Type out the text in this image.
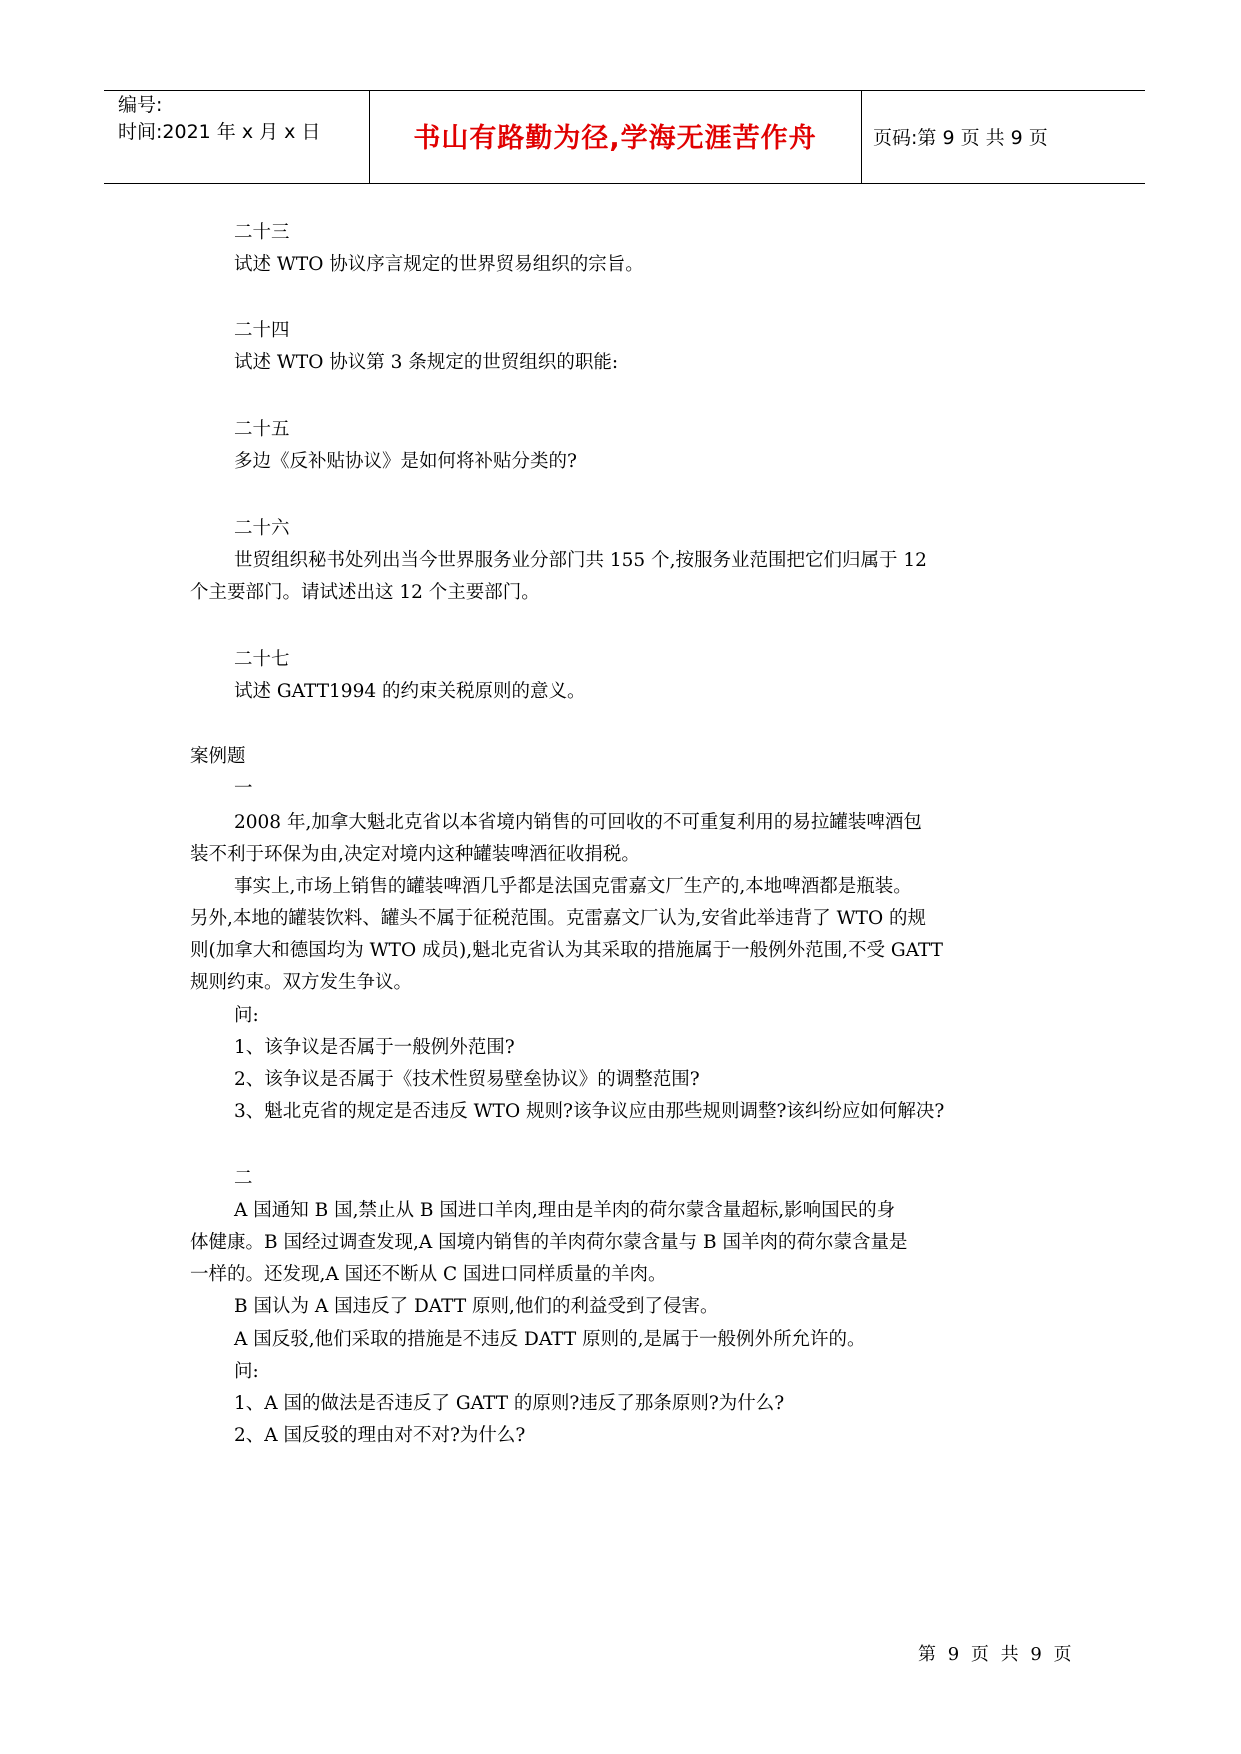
编号:
时间:2021 年 x 月 x 日	书山有路勤为径,学海无涯苦作舟	页码:第 9 页 共 9 页
二十三
试述 WTO 协议序言规定的世界贸易组织的宗旨。
二十四
试述 WTO 协议第 3 条规定的世贸组织的职能:
二十五
多边《反补贴协议》是如何将补贴分类的?
二十六
世贸组织秘书处列出当今世界服务业分部门共 155 个,按服务业范围把它们归属于 12
个主要部门。请试述出这 12 个主要部门。
二十七
试述 GATT1994 的约束关税原则的意义。
案例题
一
2008 年,加拿大魁北克省以本省境内销售的可回收的不可重复利用的易拉罐装啤酒包
装不利于环保为由,决定对境内这种罐装啤酒征收捐税。
事实上,市场上销售的罐装啤酒几乎都是法国克雷嘉文厂生产的,本地啤酒都是瓶装。
另外,本地的罐装饮料、罐头不属于征税范围。克雷嘉文厂认为,安省此举违背了 WTO 的规
则(加拿大和德国均为 WTO 成员),魁北克省认为其采取的措施属于一般例外范围,不受 GATT
规则约束。双方发生争议。
问:
1、该争议是否属于一般例外范围?
2、该争议是否属于《技术性贸易壁垒协议》的调整范围?
3、魁北克省的规定是否违反 WTO 规则?该争议应由那些规则调整?该纠纷应如何解决?
二
A 国通知 B 国,禁止从 B 国进口羊肉,理由是羊肉的荷尔蒙含量超标,影响国民的身
体健康。B 国经过调查发现,A 国境内销售的羊肉荷尔蒙含量与 B 国羊肉的荷尔蒙含量是
一样的。还发现,A 国还不断从 C 国进口同样质量的羊肉。
B 国认为 A 国违反了 DATT 原则,他们的利益受到了侵害。
A 国反驳,他们采取的措施是不违反 DATT 原则的,是属于一般例外所允许的。
问:
1、A 国的做法是否违反了 GATT 的原则?违反了那条原则?为什么?
2、A 国反驳的理由对不对?为什么?
第 9 页 共 9 页
